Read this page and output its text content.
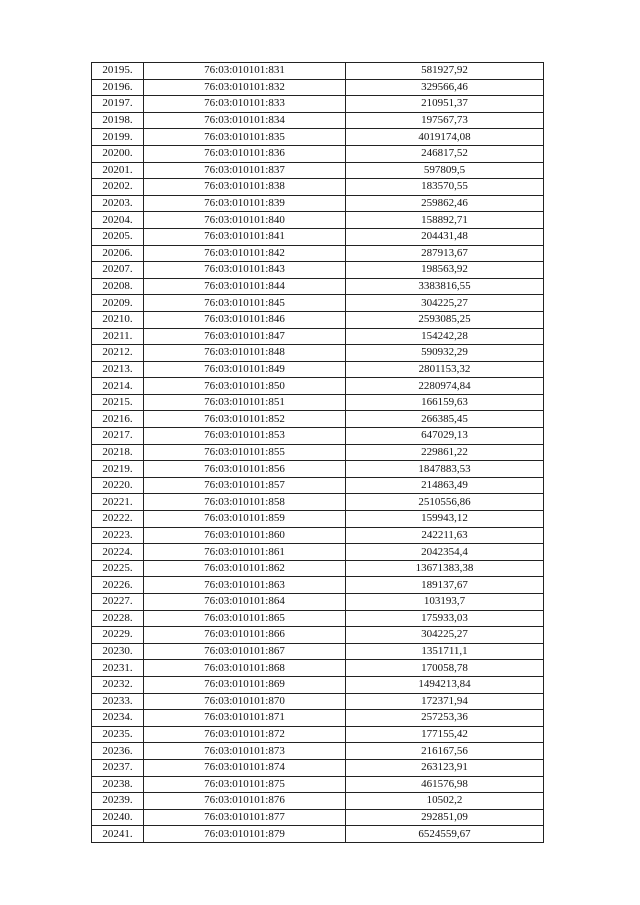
20195.	76:03:010101:831	581927,92
20196.	76:03:010101:832	329566,46
20197.	76:03:010101:833	210951,37
20198.	76:03:010101:834	197567,73
20199.	76:03:010101:835	4019174,08
20200.	76:03:010101:836	246817,52
20201.	76:03:010101:837	597809,5
20202.	76:03:010101:838	183570,55
20203.	76:03:010101:839	259862,46
20204.	76:03:010101:840	158892,71
20205.	76:03:010101:841	204431,48
20206.	76:03:010101:842	287913,67
20207.	76:03:010101:843	198563,92
20208.	76:03:010101:844	3383816,55
20209.	76:03:010101:845	304225,27
20210.	76:03:010101:846	2593085,25
20211.	76:03:010101:847	154242,28
20212.	76:03:010101:848	590932,29
20213.	76:03:010101:849	2801153,32
20214.	76:03:010101:850	2280974,84
20215.	76:03:010101:851	166159,63
20216.	76:03:010101:852	266385,45
20217.	76:03:010101:853	647029,13
20218.	76:03:010101:855	229861,22
20219.	76:03:010101:856	1847883,53
20220.	76:03:010101:857	214863,49
20221.	76:03:010101:858	2510556,86
20222.	76:03:010101:859	159943,12
20223.	76:03:010101:860	242211,63
20224.	76:03:010101:861	2042354,4
20225.	76:03:010101:862	13671383,38
20226.	76:03:010101:863	189137,67
20227.	76:03:010101:864	103193,7
20228.	76:03:010101:865	175933,03
20229.	76:03:010101:866	304225,27
20230.	76:03:010101:867	1351711,1
20231.	76:03:010101:868	170058,78
20232.	76:03:010101:869	1494213,84
20233.	76:03:010101:870	172371,94
20234.	76:03:010101:871	257253,36
20235.	76:03:010101:872	177155,42
20236.	76:03:010101:873	216167,56
20237.	76:03:010101:874	263123,91
20238.	76:03:010101:875	461576,98
20239.	76:03:010101:876	10502,2
20240.	76:03:010101:877	292851,09
20241.	76:03:010101:879	6524559,67
